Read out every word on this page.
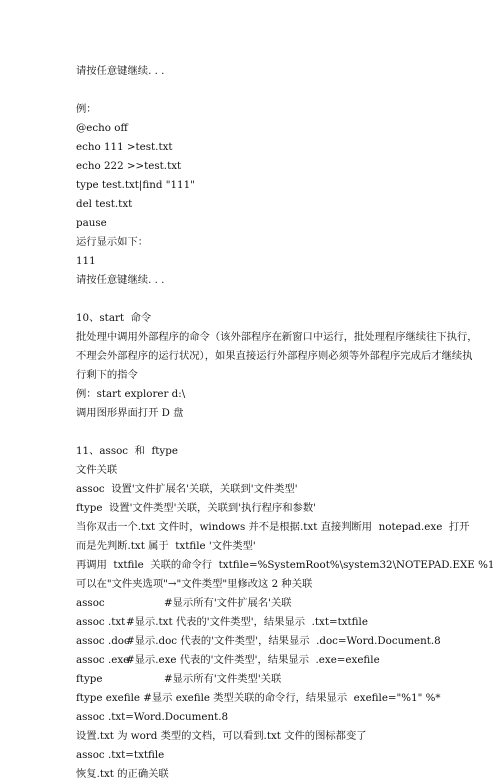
请按任意键继续. . .
例：
@echo off
echo 111 >test.txt
echo 222 >>test.txt
type test.txt|find "111"
del test.txt
pause
运行显示如下：
111
请按任意键继续. . .
10、start  命令
批处理中调用外部程序的命令（该外部程序在新窗口中运行，批处理程序继续往下执行，不理会外部程序的运行状况），如果直接运行外部程序则必须等外部程序完成后才继续执行剩下的指令
例：start explorer d:\
调用图形界面打开 D 盘
11、assoc  和  ftype
文件关联
assoc  设置'文件扩展名'关联，关联到'文件类型'
ftype  设置'文件类型'关联，关联到'执行程序和参数'
当你双击一个.txt 文件时，windows 并不是根据.txt 直接判断用  notepad.exe  打开
而是先判断.txt 属于  txtfile '文件类型'
再调用  txtfile  关联的命令行  txtfile=%SystemRoot%\system32\NOTEPAD.EXE %1
可以在"文件夹选项"→"文件类型"里修改这 2 种关联
assoc	#显示所有'文件扩展名'关联
assoc .txt#显示.txt 代表的'文件类型'，结果显示  .txt=txtfile
assoc .doc#显示.doc 代表的'文件类型'，结果显示  .doc=Word.Document.8
assoc .exe#显示.exe 代表的'文件类型'，结果显示  .exe=exefile
ftype	#显示所有'文件类型'关联
ftype exefile #显示 exefile 类型关联的命令行，结果显示  exefile="%1" %*
assoc .txt=Word.Document.8
设置.txt 为 word 类型的文档，可以看到.txt 文件的图标都变了
assoc .txt=txtfile
恢复.txt 的正确关联
